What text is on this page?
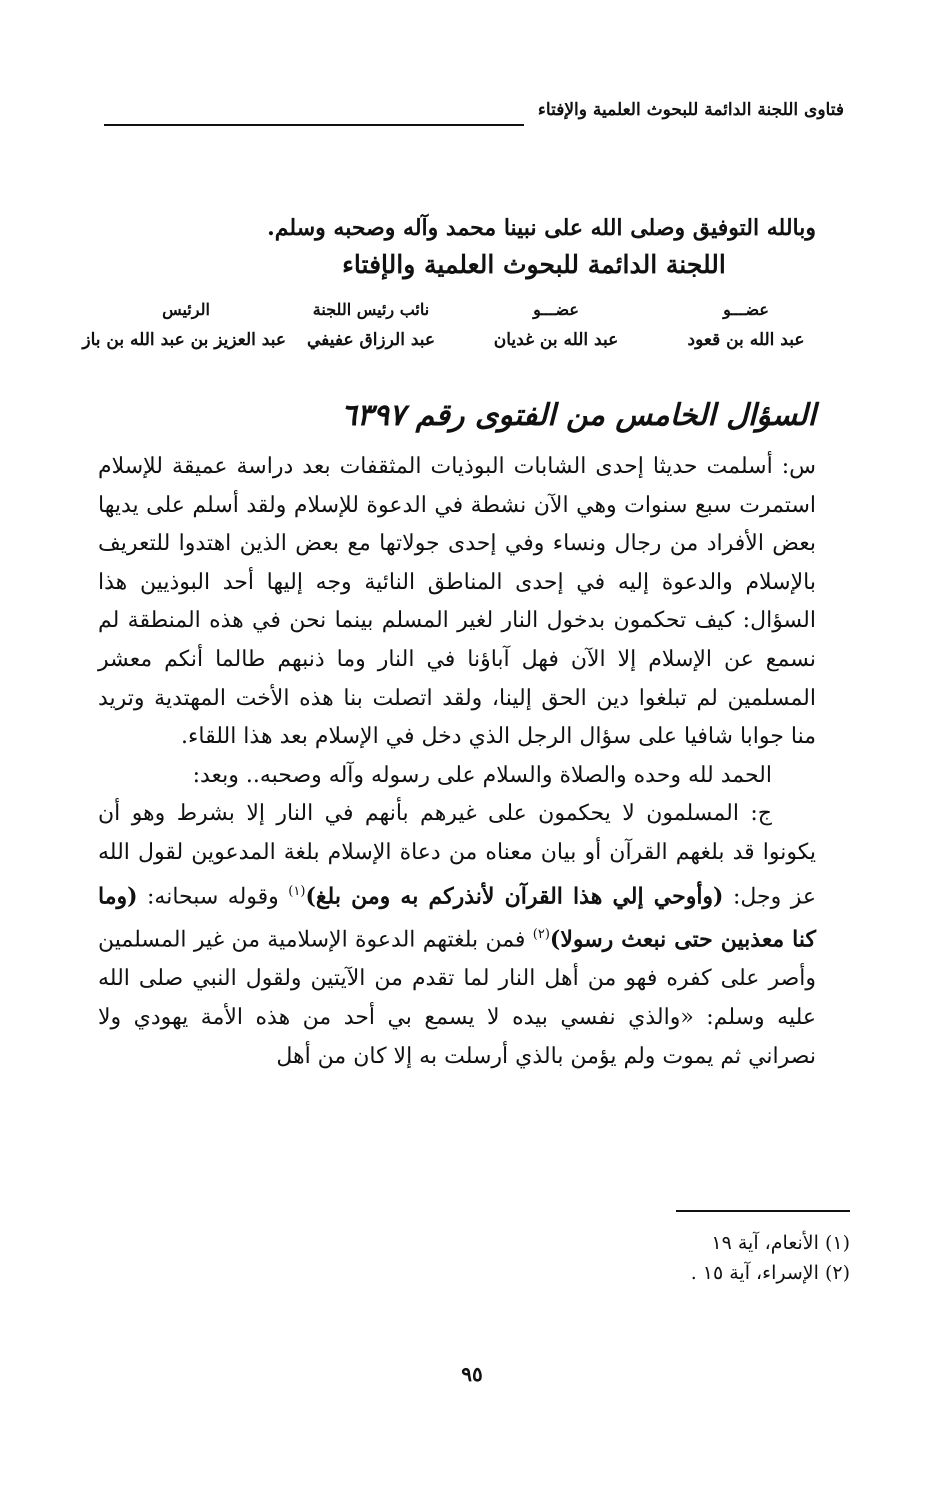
فتاوى اللجنة الدائمة للبحوث العلمية والإفتاء
وبالله التوفيق وصلى الله على نبينا محمد وآله وصحبه وسلم.
اللجنة الدائمة للبحوث العلمية والإفتاء
عضـــو
عبد الله بن قعود
عضـــو
عبد الله بن غديان
نائب رئيس اللجنة
عبد الرزاق عفيفي
الرئيس
عبد العزيز بن عبد الله بن باز
السؤال الخامس من الفتوى رقم ٦٣٩٧

س: أسلمت حديثا إحدى الشابات البوذيات المثقفات بعد دراسة عميقة للإسلام استمرت سبع سنوات وهي الآن نشطة في الدعوة للإسلام ولقد أسلم على يديها بعض الأفراد من رجال ونساء وفي إحدى جولاتها مع بعض الذين اهتدوا للتعريف بالإسلام والدعوة إليه في إحدى المناطق النائية وجه إليها أحد البوذيين هذا السؤال: كيف تحكمون بدخول النار لغير المسلم بينما نحن في هذه المنطقة لم نسمع عن الإسلام إلا الآن فهل آباؤنا في النار وما ذنبهم طالما أنكم معشر المسلمين لم تبلغوا دين الحق إلينا، ولقد اتصلت بنا هذه الأخت المهتدية وتريد منا جوابا شافيا على سؤال الرجل الذي دخل في الإسلام بعد هذا اللقاء.

الحمد لله وحده والصلاة والسلام على رسوله وآله وصحبه.. وبعد:

ج: المسلمون لا يحكمون على غيرهم بأنهم في النار إلا بشرط وهو أن يكونوا قد بلغهم القرآن أو بيان معناه من دعاة الإسلام بلغة المدعوين لقول الله عز وجل: (وأوحي إلي هذا القرآن لأنذركم به ومن بلغ)$^{(١)}$ وقوله سبحانه: (وما كنا معذبين حتى نبعث رسولا)$^{(٢)}$ فمن بلغتهم الدعوة الإسلامية من غير المسلمين وأصر على كفره فهو من أهل النار لما تقدم من الآيتين ولقول النبي صلى الله عليه وسلم: «والذي نفسي بيده لا يسمع بي أحد من هذه الأمة يهودي ولا نصراني ثم يموت ولم يؤمن بالذي أرسلت به إلا كان من أهل

(١) الأنعام، آية ١٩
(٢) الإسراء، آية ١٥ .
٩٥
